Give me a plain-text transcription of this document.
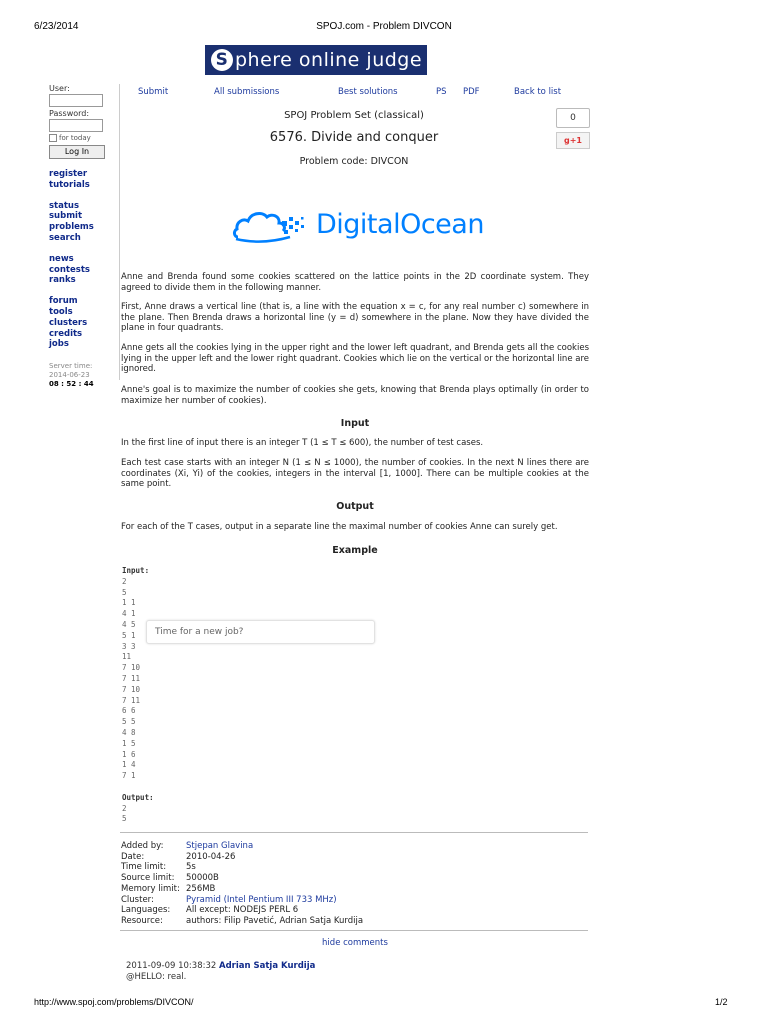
6/23/2014	SPOJ.com - Problem DIVCON
S phere online judge
User:
Password:
for today
Log In
register
tutorials
status
submit
problems
search
news
contests
ranks
forum
tools
clusters
credits
jobs
Server time:
2014-06-23
08 : 52 : 44
Submit	All submissions	Best solutions	PS PDF	Back to list
SPOJ Problem Set (classical)
6576. Divide and conquer
Problem code: DIVCON
0
g+1
DigitalOcean

Anne and Brenda found some cookies scattered on the lattice points in the 2D coordinate system. They agreed to divide them in the following manner.

First, Anne draws a vertical line (that is, a line with the equation x = c, for any real number c) somewhere in the plane. Then Brenda draws a horizontal line (y = d) somewhere in the plane. Now they have divided the plane in four quadrants.

Anne gets all the cookies lying in the upper right and the lower left quadrant, and Brenda gets all the cookies lying in the upper left and the lower right quadrant. Cookies which lie on the vertical or the horizontal line are ignored.

Anne's goal is to maximize the number of cookies she gets, knowing that Brenda plays optimally (in order to maximize her number of cookies).

Input

In the first line of input there is an integer T (1 ≤ T ≤ 600), the number of test cases.

Each test case starts with an integer N (1 ≤ N ≤ 1000), the number of cookies. In the next N lines there are coordinates (Xi, Yi) of the cookies, integers in the interval [1, 1000]. There can be multiple cookies at the same point.

Output

For each of the T cases, output in a separate line the maximal number of cookies Anne can surely get.

Example
Input:
2
5
1 1
4 1
4 5
5 1
3 3
11
7 10
7 11
7 10
7 11
6 6
5 5
4 8
1 5
1 6
1 4
7 1

Output:
2
5
Time for a new job?
Added by:	Stjepan Glavina
Date:	2010-04-26
Time limit:	5s
Source limit:	50000B
Memory limit: 256MB
Cluster:	Pyramid (Intel Pentium III 733 MHz)
Languages:	All except: NODEJS PERL 6
Resource:	authors: Filip Pavetić, Adrian Satja Kurdija
hide comments
2011-09-09 10:38:32 Adrian Satja Kurdija
@HELLO: real.
http://www.spoj.com/problems/DIVCON/	1/2
